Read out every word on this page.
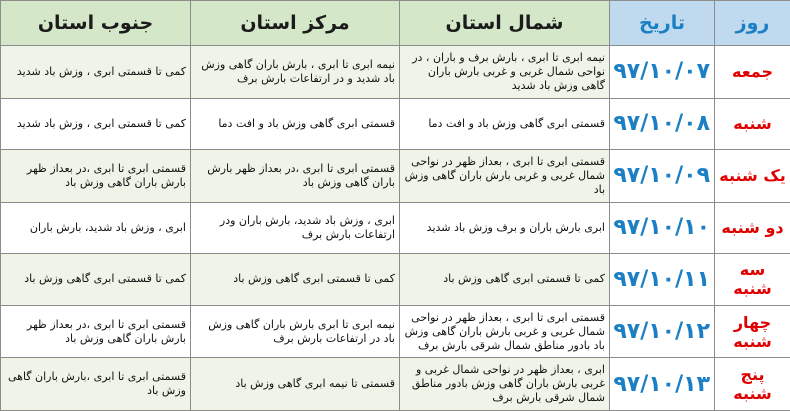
روز	تاریخ	شمال استان	مرکز استان	جنوب استان
جمعه	۹۷/۱۰/۰۷	نیمه ابری تا ابری ، بارش برف و باران ، در نواحی شمال غربی و غربی بارش باران گاهی وزش باد شدید	نیمه ابری تا ابری ، بارش باران گاهی وزش باد شدید و در ارتفاعات بارش برف	کمی تا قسمتی ابری ، وزش باد شدید
شنبه	۹۷/۱۰/۰۸	قسمتی ابری گاهی وزش باد و افت دما	قسمتی ابری گاهی وزش باد و افت دما	کمی تا قسمتی ابری ، وزش باد شدید
یک شنبه	۹۷/۱۰/۰۹	قسمتی ابری تا ابری ، بعداز ظهر در نواحی شمال غربی و غربی بارش باران گاهی وزش باد	قسمتی ابری تا ابری ،در بعداز ظهر بارش باران گاهی وزش باد	قسمتی ابری تا ابری ،در بعداز ظهر بارش باران گاهی وزش باد
دو شنبه	۹۷/۱۰/۱۰	ابری بارش باران و برف وزش باد شدید	ابری ، وزش باد شدید، بارش باران ودر ارتفاعات بارش برف	ابری ، وزش باد شدید، بارش باران
سه شنبه	۹۷/۱۰/۱۱	کمی تا قسمتی ابری گاهی وزش باد	کمی تا قسمتی ابری گاهی وزش باد	کمی تا قسمتی ابری گاهی وزش باد
چهار شنبه	۹۷/۱۰/۱۲	قسمتی ابری تا ابری ، بعداز ظهر در نواحی شمال غربی و غربی بارش باران گاهی وزش باد بادور مناطق شمال شرقی بارش برف	نیمه ابری تا ابری بارش باران گاهی وزش باد در ارتفاعات بارش برف	قسمتی ابری تا ابری ،در بعداز ظهر بارش باران گاهی وزش باد
پنج شنبه	۹۷/۱۰/۱۳	ابری ، بعداز ظهر در نواحی شمال غربی و غربی بارش باران گاهی وزش بادور مناطق شمال شرقی بارش برف	قسمتی تا نیمه ابری گاهی وزش باد	قسمتی ابری تا ابری ،بارش باران گاهی وزش باد
